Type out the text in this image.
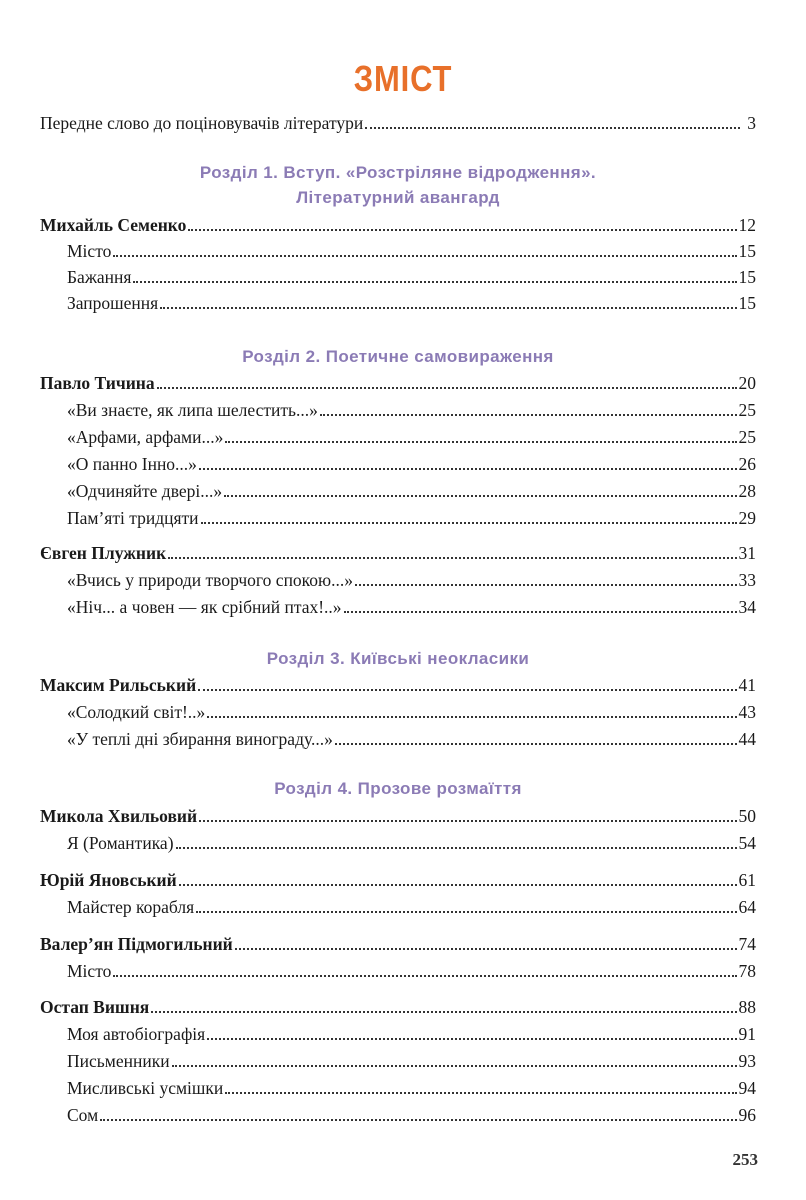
ЗМІСТ
Передне слово до поціновувачів літератури	3
Розділ 1. Вступ. «Розстріляне відродження».
Літературний авангард
Михайль Семенко	12
Місто	15
Бажання	15
Запрошення	15
Розділ 2. Поетичне самовираження
Павло Тичина	20
«Ви знаєте, як липа шелестить...»	25
«Арфами, арфами...»	25
«О панно Інно...»	26
«Одчиняйте двері...»	28
Пам’яті тридцяти	29
Євген Плужник	31
«Вчись у природи творчого спокою...»	33
«Ніч... а човен — як срібний птах!..»	34
Розділ 3. Київські неокласики
Максим Рильський	41
«Солодкий світ!..»	43
«У теплі дні збирання винограду...»	44
Розділ 4. Прозове розмаїття
Микола Хвильовий	50
Я (Романтика)	54
Юрій Яновський	61
Майстер корабля	64
Валер’ян Підмогильний	74
Місто	78
Остап Вишня	88
Моя автобіографія	91
Письменники	93
Мисливські усмішки	94
Сом	96
253
